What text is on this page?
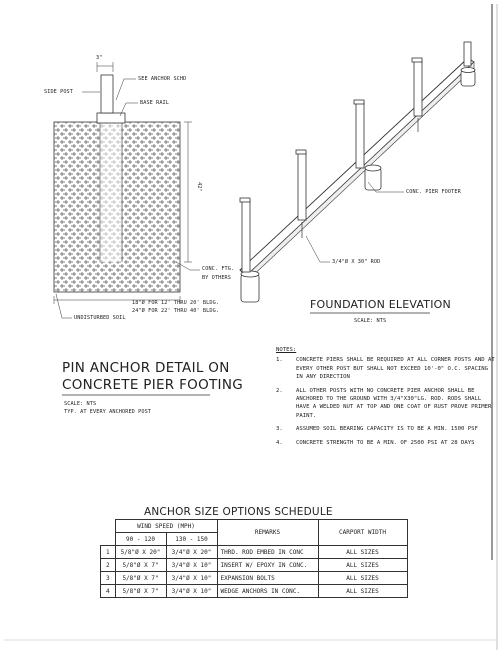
3"
SIDE POST
SEE ANCHOR SCHD
BASE RAIL
42"
CONC. FTG.
BY OTHERS
18"Ø FOR 12' THRU 20' BLDG.
24"Ø FOR 22' THRU 40' BLDG.
UNDISTURBED SOIL
PIN ANCHOR DETAIL ON
CONCRETE PIER FOOTING
SCALE: NTS
TYP. AT EVERY ANCHORED POST
CONC. PIER FOOTER
3/4"Ø X 30" ROD
FOUNDATION ELEVATION
SCALE: NTS
NOTES:
1. CONCRETE PIERS SHALL BE REQUIRED AT ALL CORNER POSTS AND AT EVERY OTHER POST BUT SHALL NOT EXCEED 10'-0" O.C. SPACING IN ANY DIRECTION
2. ALL OTHER POSTS WITH NO CONCRETE PIER ANCHOR SHALL BE ANCHORED TO THE GROUND WITH 3/4"X30"LG. ROD. RODS SHALL HAVE A WELDED NUT AT TOP AND ONE COAT OF RUST PROVE PRIMER PAINT.
3. ASSUMED SOIL BEARING CAPACITY IS TO BE A MIN. 1500 PSF
4. CONCRETE STRENGTH TO BE A MIN. OF 2500 PSI AT 28 DAYS
ANCHOR SIZE OPTIONS SCHEDULE
	WIND SPEED (MPH)		REMARKS	CARPORT WIDTH
	90 - 120	130 - 150		
1	5/8"Ø X 20"	3/4"Ø X 20"	THRD. ROD EMBED IN CONC	ALL SIZES
2	5/8"Ø X 7"	3/4"Ø X 10"	INSERT W/ EPOXY IN CONC.	ALL SIZES
3	5/8"Ø X 7"	3/4"Ø X 10"	EXPANSION BOLTS	ALL SIZES
4	5/8"Ø X 7"	3/4"Ø X 10"	WEDGE ANCHORS IN CONC.	ALL SIZES
